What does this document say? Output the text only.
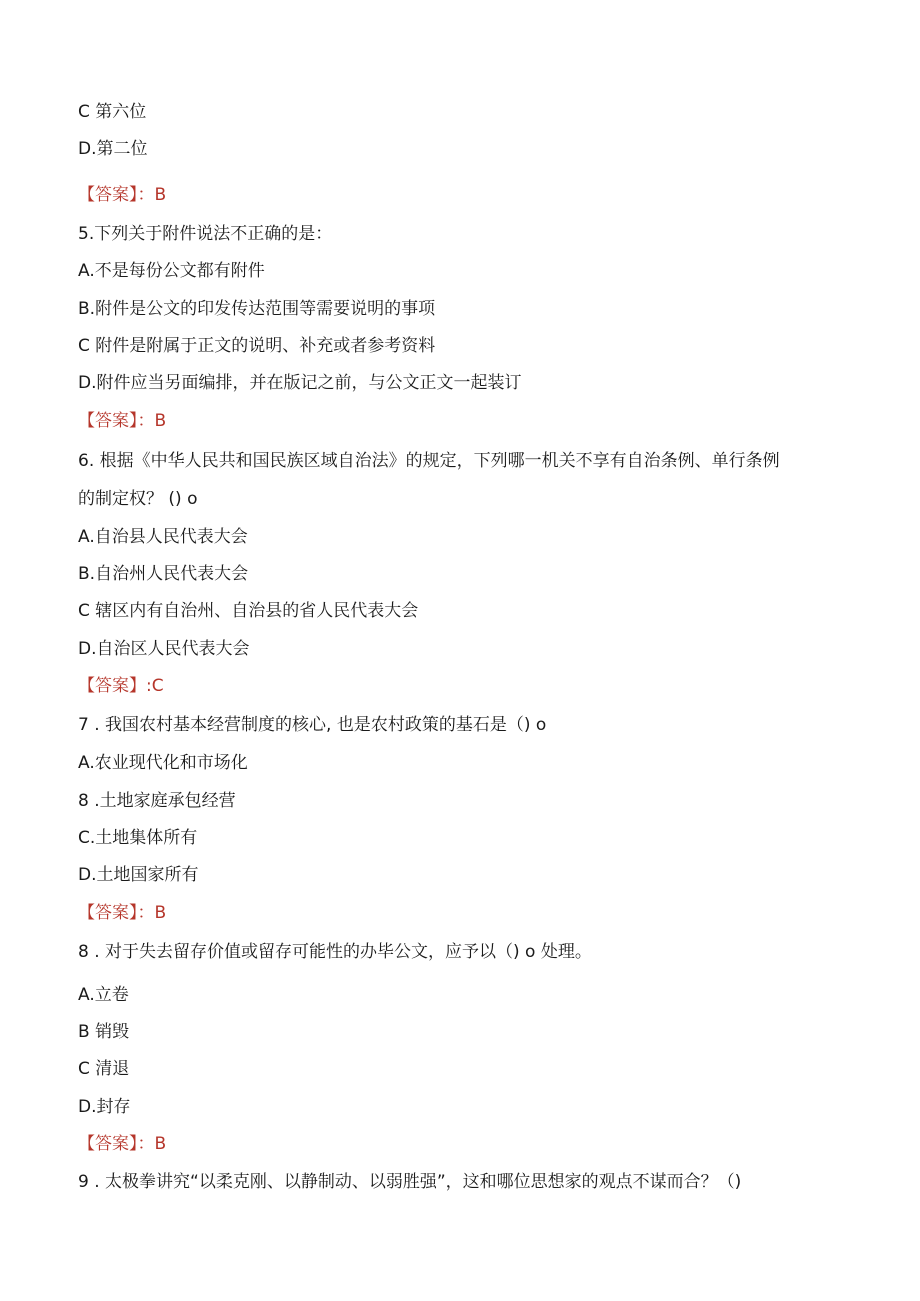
C 第六位
D.第二位
【答案】：B
5.下列关于附件说法不正确的是：
A.不是每份公文都有附件
B.附件是公文的印发传达范围等需要说明的事项
C 附件是附属于正文的说明、补充或者参考资料
D.附件应当另面编排，并在版记之前，与公文正文一起装订
【答案】：B
6. 根据《中华人民共和国民族区域自治法》的规定，下列哪一机关不享有自治条例、单行条例
的制定权？ () o
A.自治县人民代表大会
B.自治州人民代表大会
C 辖区内有自治州、自治县的省人民代表大会
D.自治区人民代表大会
【答案】:C
7 . 我国农村基本经营制度的核心, 也是农村政策的基石是（) o
A.农业现代化和市场化
8 .土地家庭承包经营
C.土地集体所有
D.土地国家所有
【答案】：B
8 . 对于失去留存价值或留存可能性的办毕公文，应予以（) o 处理。
A.立卷
B 销毁
C 清退
D.封存
【答案】：B
9 . 太极拳讲究“以柔克刚、以静制动、以弱胜强”，这和哪位思想家的观点不谋而合？（)
